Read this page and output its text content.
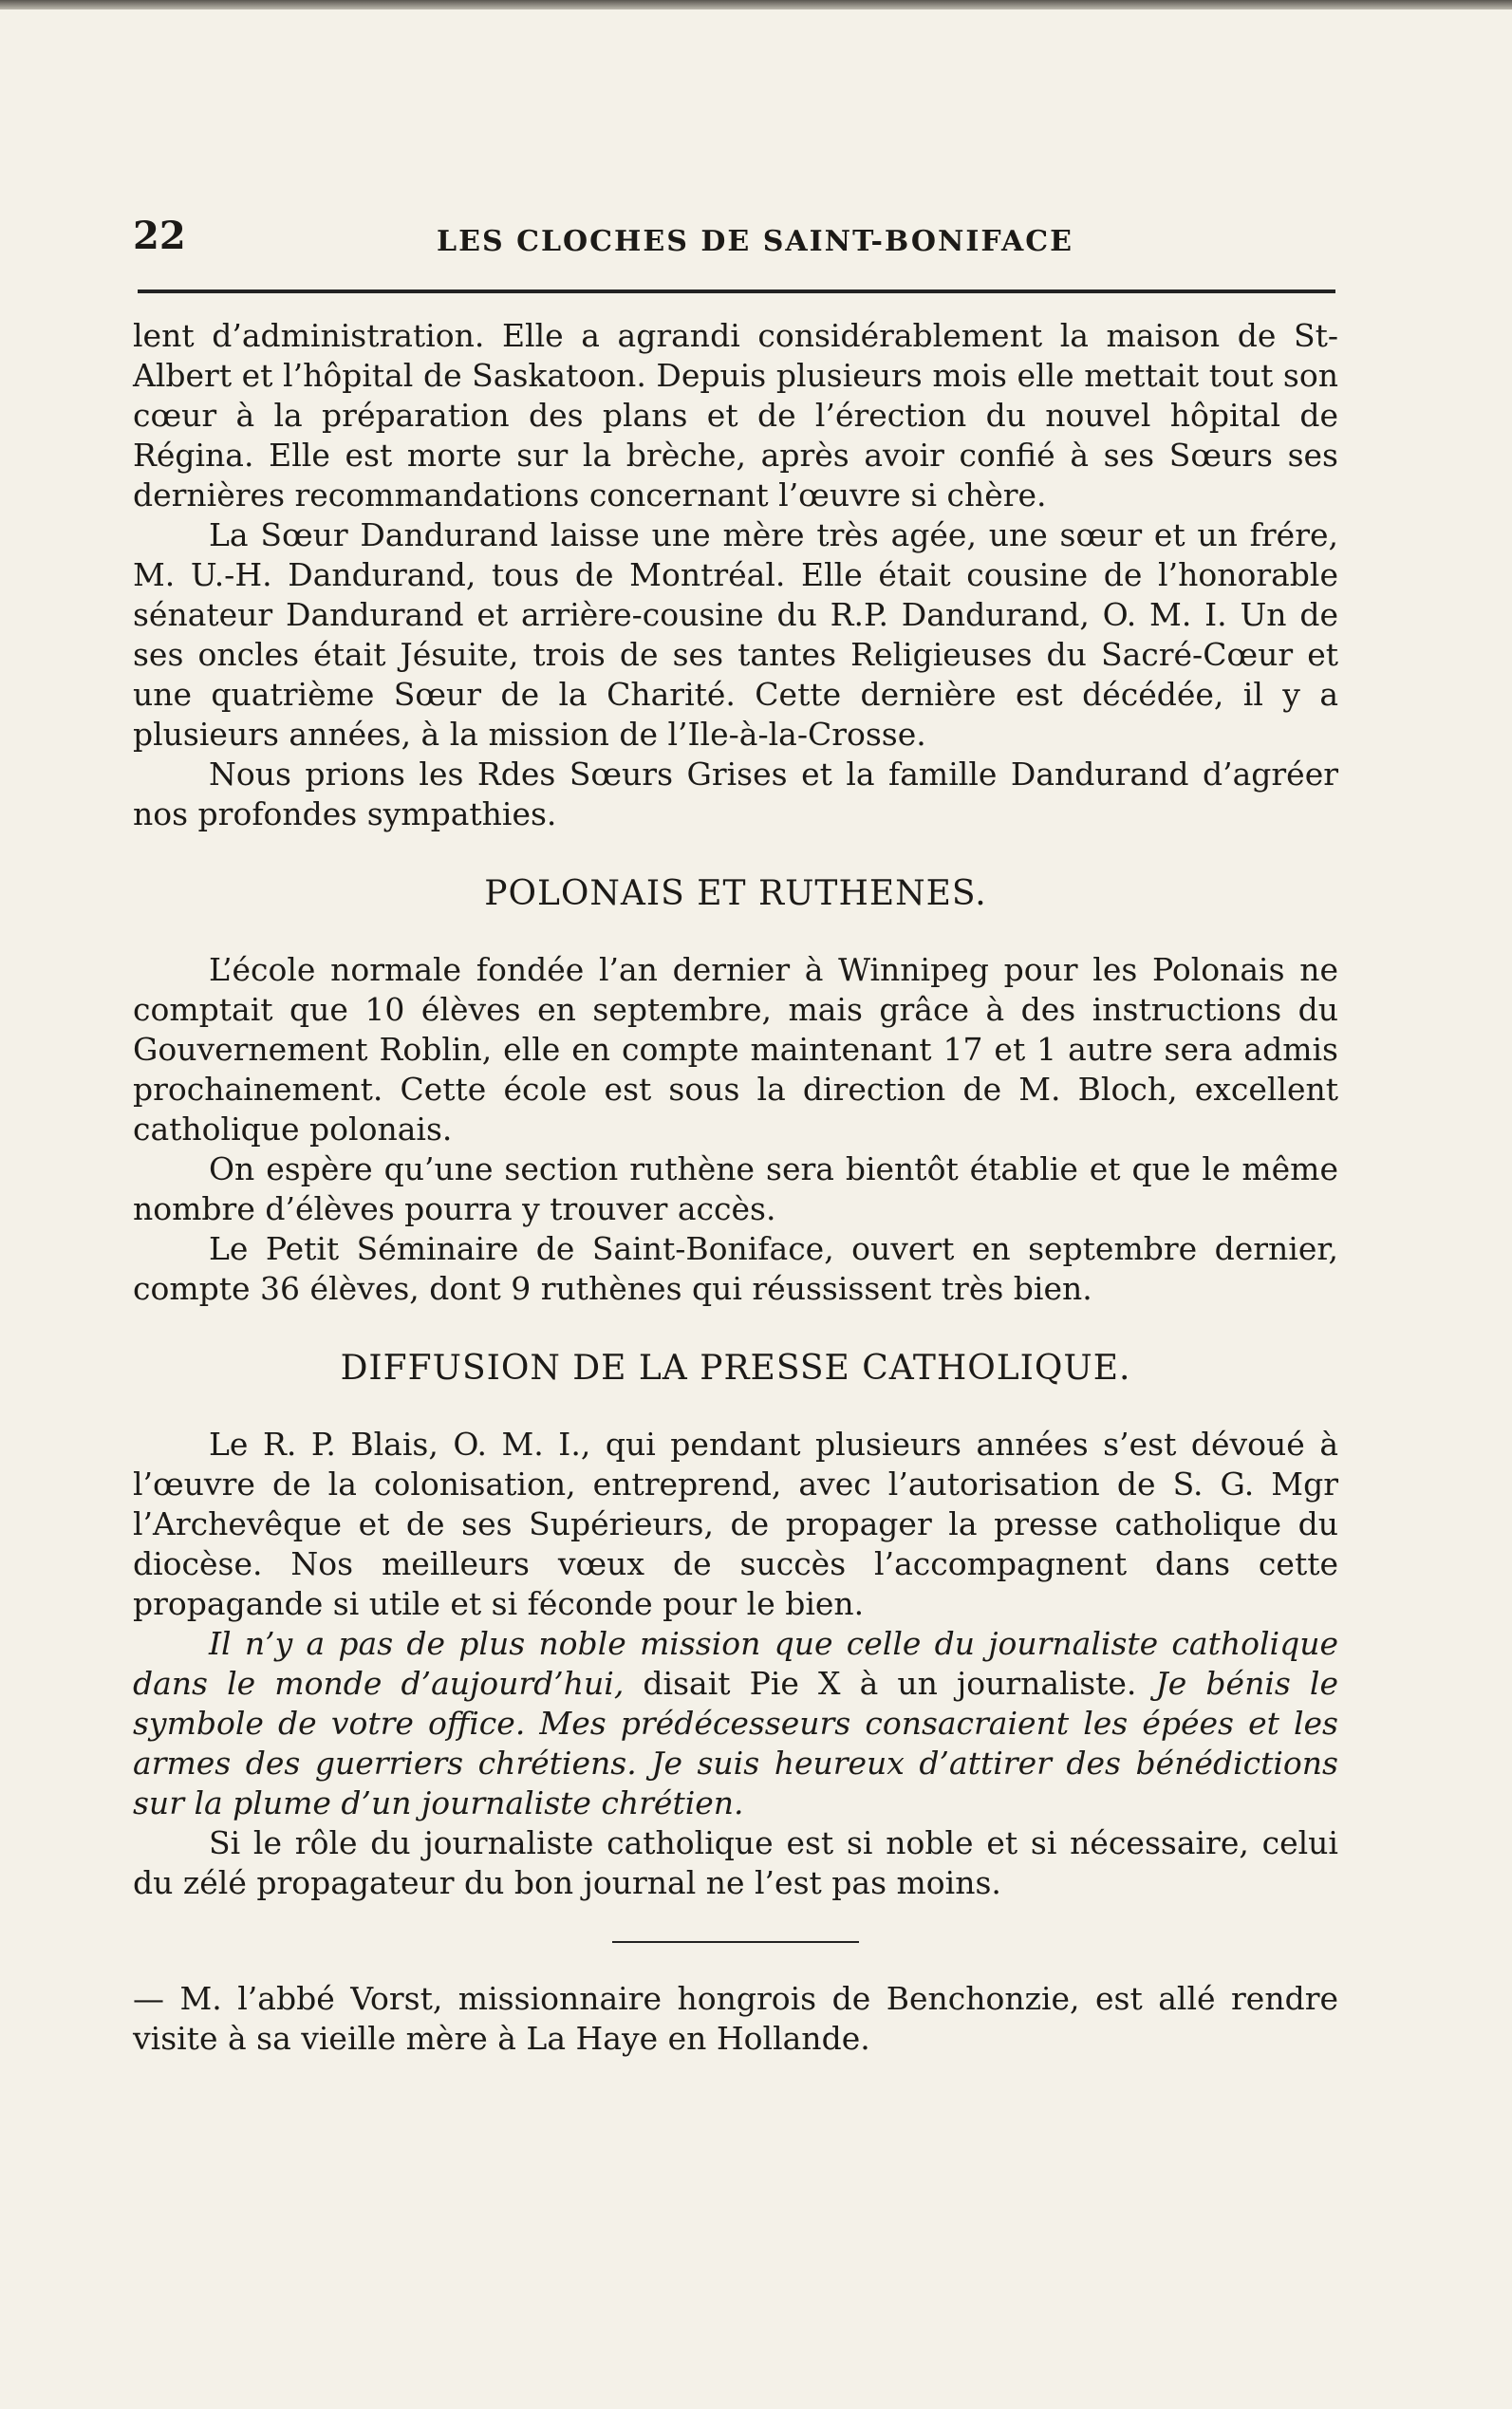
22	LES CLOCHES DE SAINT-BONIFACE

lent d’administration. Elle a agrandi considérablement la maison de St-Albert et l’hôpital de Saskatoon. Depuis plusieurs mois elle mettait tout son cœur à la préparation des plans et de l’érection du nouvel hôpital de Régina. Elle est morte sur la brèche, après avoir confié à ses Sœurs ses dernières recommandations concernant l’œuvre si chère.

La Sœur Dandurand laisse une mère très agée, une sœur et un frére, M. U.-H. Dandurand, tous de Montréal. Elle était cousine de l’honorable sénateur Dandurand et arrière-cousine du R.P. Dandurand, O. M. I. Un de ses oncles était Jésuite, trois de ses tantes Religieuses du Sacré-Cœur et une quatrième Sœur de la Charité. Cette dernière est décédée, il y a plusieurs années, à la mission de l’Ile-à-la-Crosse.

Nous prions les Rdes Sœurs Grises et la famille Dandurand d’agréer nos profondes sympathies.

POLONAIS ET RUTHENES.

L’école normale fondée l’an dernier à Winnipeg pour les Polonais ne comptait que 10 élèves en septembre, mais grâce à des instructions du Gouvernement Roblin, elle en compte maintenant 17 et 1 autre sera admis prochainement. Cette école est sous la direction de M. Bloch, excellent catholique polonais.

On espère qu’une section ruthène sera bientôt établie et que le même nombre d’élèves pourra y trouver accès.

Le Petit Séminaire de Saint-Boniface, ouvert en septembre dernier, compte 36 élèves, dont 9 ruthènes qui réussissent très bien.

DIFFUSION DE LA PRESSE CATHOLIQUE.

Le R. P. Blais, O. M. I., qui pendant plusieurs années s’est dévoué à l’œuvre de la colonisation, entreprend, avec l’autorisation de S. G. Mgr l’Archevêque et de ses Supérieurs, de propager la presse catholique du diocèse. Nos meilleurs vœux de succès l’accompagnent dans cette propagande si utile et si féconde pour le bien.

Il n’y a pas de plus noble mission que celle du journaliste catholique dans le monde d’aujourd’hui, disait Pie X à un journaliste. Je bénis le symbole de votre office. Mes prédécesseurs consacraient les épées et les armes des guerriers chrétiens. Je suis heureux d’attirer des bénédictions sur la plume d’un journaliste chrétien.

Si le rôle du journaliste catholique est si noble et si nécessaire, celui du zélé propagateur du bon journal ne l’est pas moins.

— M. l’abbé Vorst, missionnaire hongrois de Benchonzie, est allé rendre visite à sa vieille mère à La Haye en Hollande.
